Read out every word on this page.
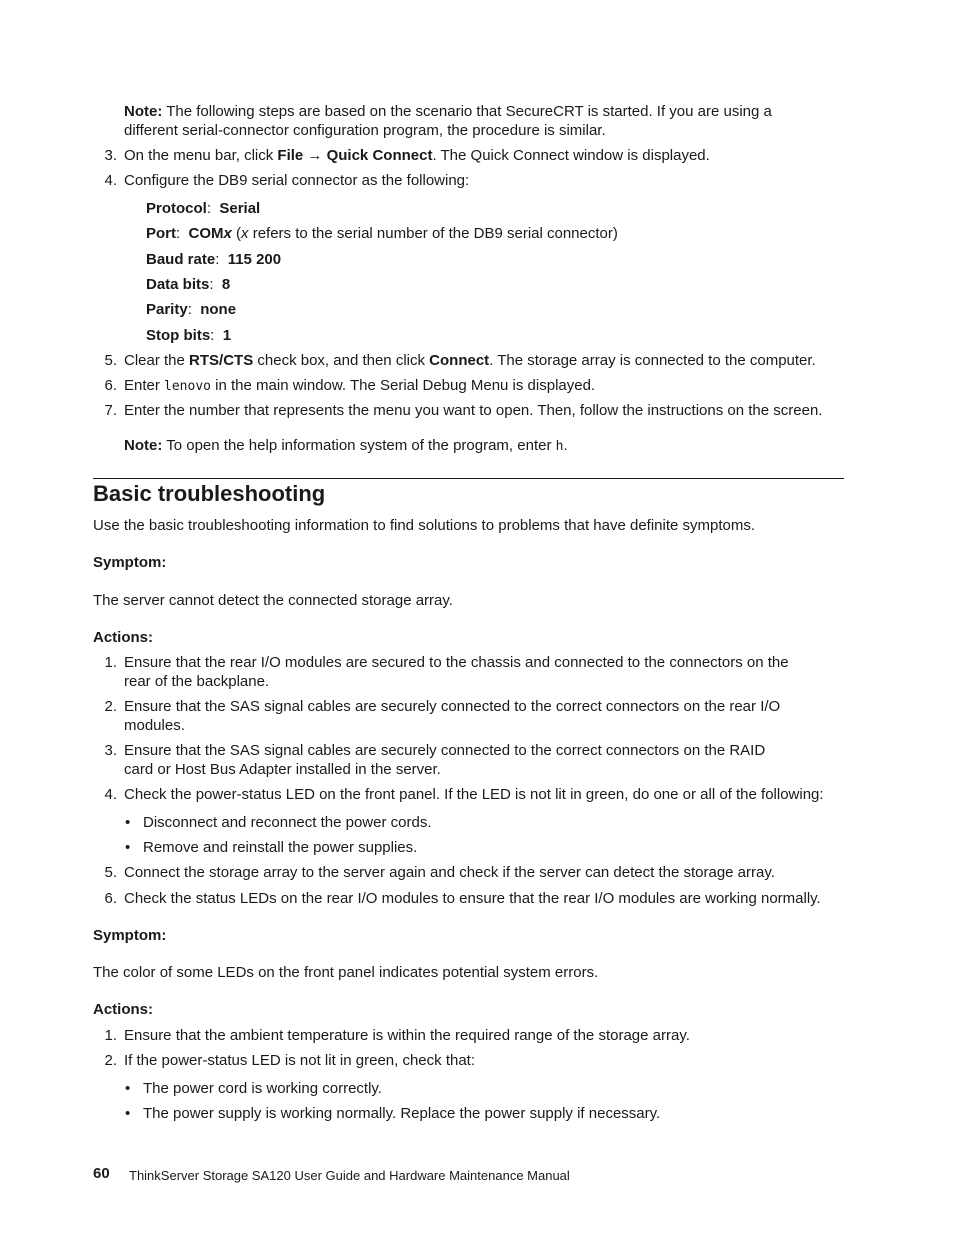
Note: The following steps are based on the scenario that SecureCRT is started. If you are using a
different serial-connector configuration program, the procedure is similar.
3. On the menu bar, click File → Quick Connect. The Quick Connect window is displayed.
4. Configure the DB9 serial connector as the following:
Protocol:  Serial
Port:  COMx (x refers to the serial number of the DB9 serial connector)
Baud rate:  115 200
Data bits:  8
Parity:  none
Stop bits:  1
5. Clear the RTS/CTS check box, and then click Connect. The storage array is connected to the computer.
6. Enter lenovo in the main window. The Serial Debug Menu is displayed.
7. Enter the number that represents the menu you want to open. Then, follow the instructions on the screen.
Note: To open the help information system of the program, enter h.
Basic troubleshooting
Use the basic troubleshooting information to find solutions to problems that have definite symptoms.
Symptom:
The server cannot detect the connected storage array.
Actions:
1. Ensure that the rear I/O modules are secured to the chassis and connected to the connectors on the
rear of the backplane.
2. Ensure that the SAS signal cables are securely connected to the correct connectors on the rear I/O
modules.
3. Ensure that the SAS signal cables are securely connected to the correct connectors on the RAID
card or Host Bus Adapter installed in the server.
4. Check the power-status LED on the front panel. If the LED is not lit in green, do one or all of the following:
• Disconnect and reconnect the power cords.
• Remove and reinstall the power supplies.
5. Connect the storage array to the server again and check if the server can detect the storage array.
6. Check the status LEDs on the rear I/O modules to ensure that the rear I/O modules are working normally.
Symptom:
The color of some LEDs on the front panel indicates potential system errors.
Actions:
1. Ensure that the ambient temperature is within the required range of the storage array.
2. If the power-status LED is not lit in green, check that:
• The power cord is working correctly.
• The power supply is working normally. Replace the power supply if necessary.
60 ThinkServer Storage SA120 User Guide and Hardware Maintenance Manual
